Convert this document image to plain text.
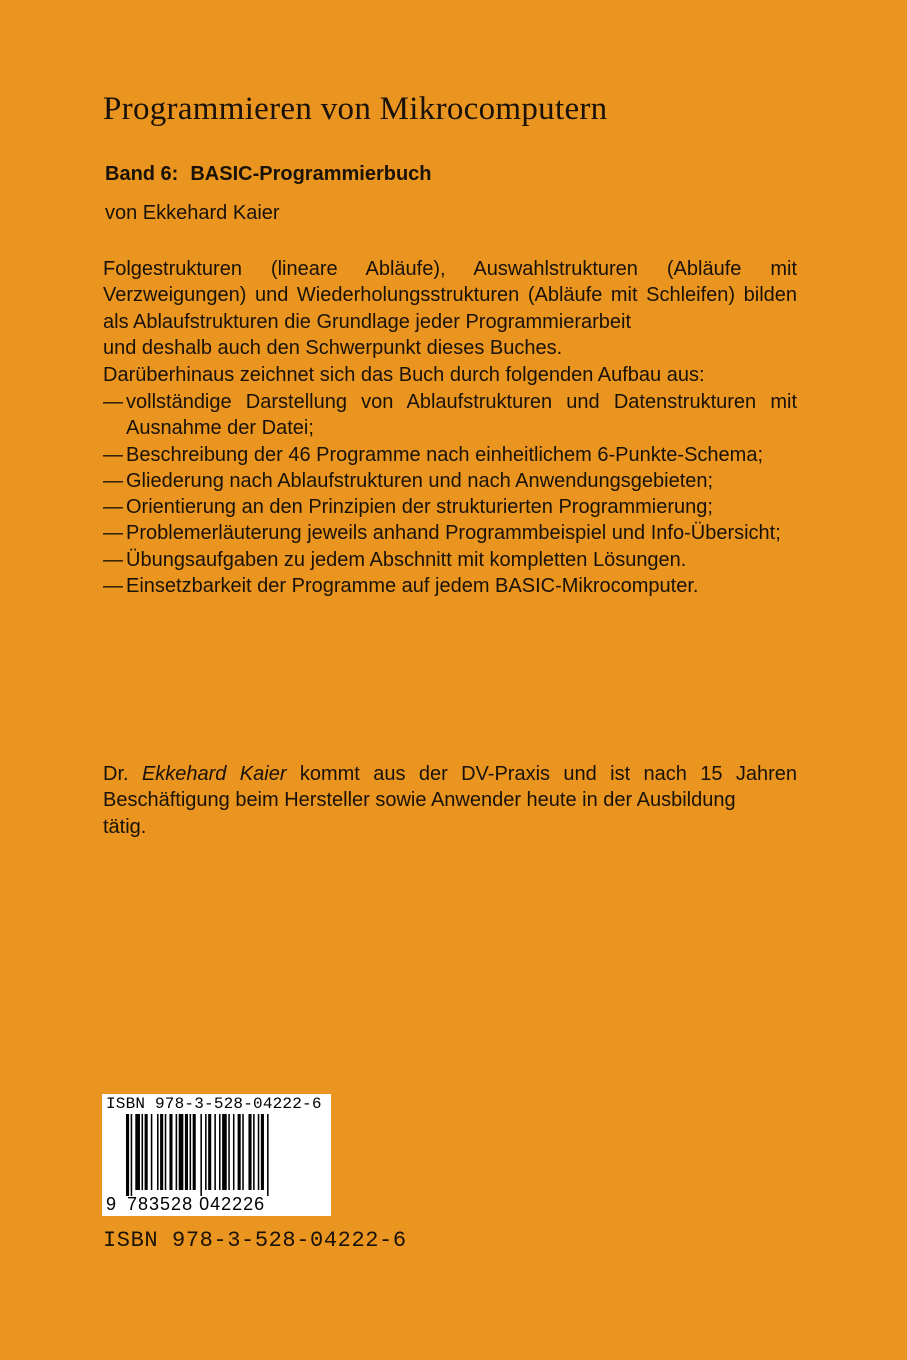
Programmieren von Mikrocomputern
Band 6: BASIC-Programmierbuch
von Ekkehard Kaier

Folgestrukturen (lineare Abläufe), Auswahlstrukturen (Abläufe mit Verzweigungen) und Wiederholungsstrukturen (Abläufe mit Schleifen) bilden als Ablaufstrukturen die Grundlage jeder Programmierarbeit

und deshalb auch den Schwerpunkt dieses Buches.
Darüberhinaus zeichnet sich das Buch durch folgenden Aufbau aus:
— vollständige Darstellung von Ablaufstrukturen und Datenstrukturen mit Ausnahme der Datei;
— Beschreibung der 46 Programme nach einheitlichem 6-Punkte-Schema;
— Gliederung nach Ablaufstrukturen und nach Anwendungsgebieten;
— Orientierung an den Prinzipien der strukturierten Programmierung;
— Problemerläuterung jeweils anhand Programmbeispiel und Info-Übersicht;
— Übungsaufgaben zu jedem Abschnitt mit kompletten Lösungen.
— Einsetzbarkeit der Programme auf jedem BASIC-Mikrocomputer.

Dr. Ekkehard Kaier kommt aus der DV-Praxis und ist nach 15 Jahren Beschäftigung beim Hersteller sowie Anwender heute in der Ausbildung

tätig.
ISBN 978-3-528-04222-6
9 783528 042226
ISBN 978-3-528-04222-6
